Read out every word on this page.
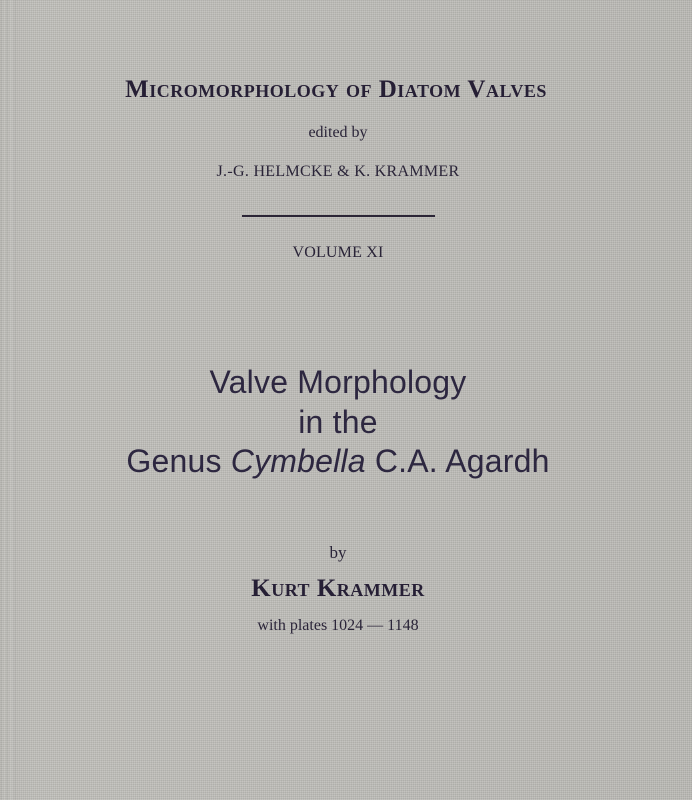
Micromorphology of Diatom Valves
edited by
J.-G. HELMCKE & K. KRAMMER
VOLUME XI
Valve Morphology
in the
Genus Cymbella C.A. Agardh
by
Kurt Krammer
with plates 1024 — 1148
